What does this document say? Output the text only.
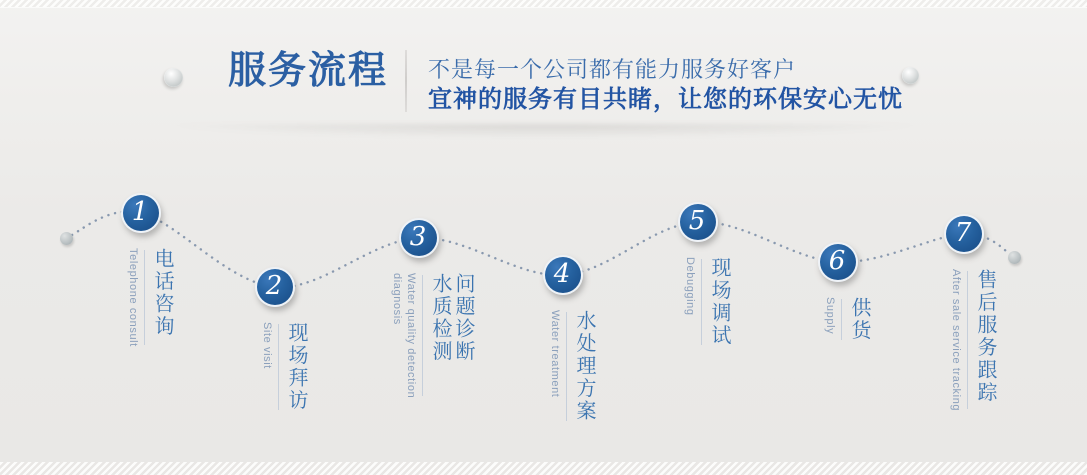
服务流程 不是每一个公司都有能力服务好客户
宜神的服务有目共睹，让您的环保安心无忧
1
Telephone consult 电话咨询	2
Site visit 现场拜访
3
Water quality detection
diagnosis 水质检测 问题诊断	4
Water treatment 水处理方案
5
Debugging 现场调试	6
Supply 供货
7
After sale service tracking 售后服务跟踪
